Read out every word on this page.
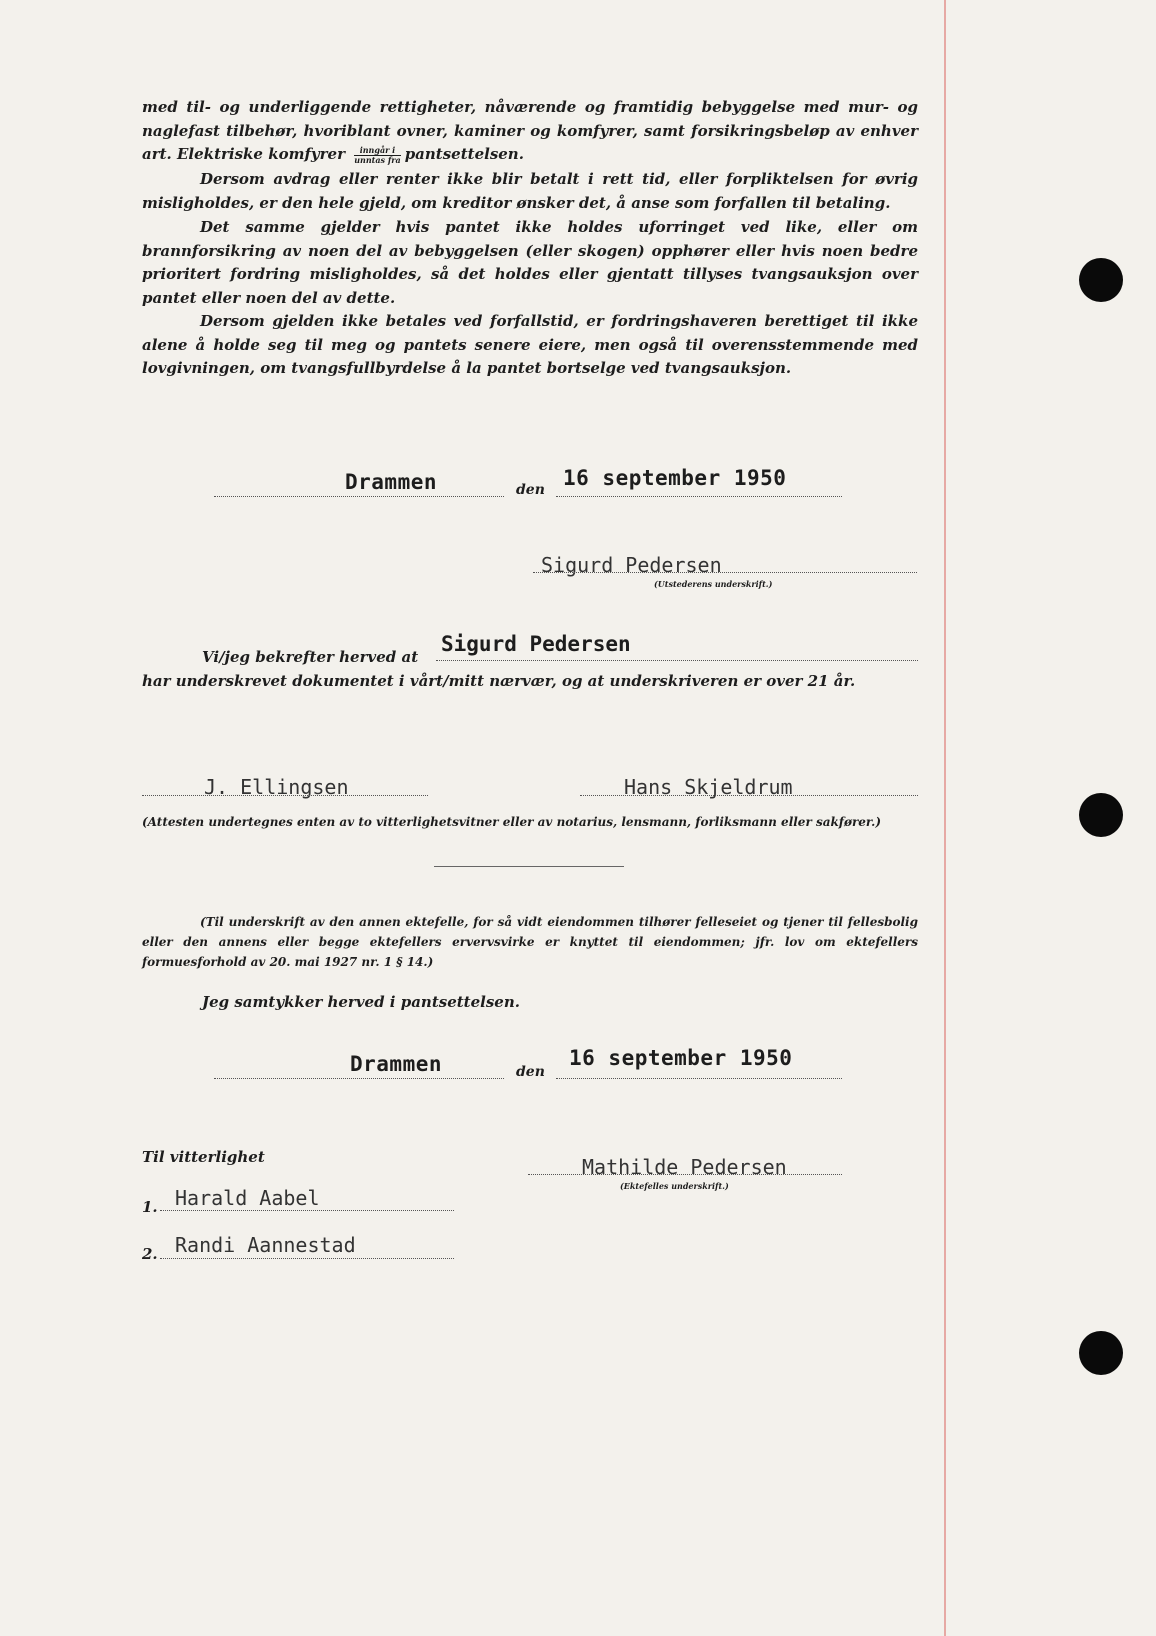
med til- og underliggende rettigheter, nåværende og framtidig bebyggelse med mur- og naglefast tilbehør, hvoriblant ovner, kaminer og komfyrer, samt forsikringsbeløp av enhver art. Elektriske komfyrer $\frac{\text{inngår i}}{\text{unntas fra}}$ pantsettelsen.

Dersom avdrag eller renter ikke blir betalt i rett tid, eller forpliktelsen for øvrig misligholdes, er den hele gjeld, om kreditor ønsker det, å anse som forfallen til betaling.

Det samme gjelder hvis pantet ikke holdes uforringet ved like, eller om brannforsikring av noen del av bebyggelsen (eller skogen) opphører eller hvis noen bedre prioritert fordring misligholdes, så det holdes eller gjentatt tillyses tvangsauksjon over pantet eller noen del av dette.

Dersom gjelden ikke betales ved forfallstid, er fordringshaveren berettiget til ikke alene å holde seg til meg og pantets senere eiere, men også til overensstemmende med lovgivningen, om tvangsfullbyrdelse å la pantet bortselge ved tvangsauksjon.

Drammen	den 16 september 1950
Sigurd Pedersen
(Utstederens underskrift.)
Vi/jeg bekrefter herved at
Sigurd Pedersen
har underskrevet dokumentet i vårt/mitt nærvær, og at underskriveren er over 21 år.
J. Ellingsen	Hans Skjeldrum
(Attesten undertegnes enten av to vitterlighetsvitner eller av notarius, lensmann, forliksmann eller sakfører.)

(Til underskrift av den annen ektefelle, for så vidt eiendommen tilhører felleseiet og tjener til fellesbolig eller den annens eller begge ektefellers ervervsvirke er knyttet til eiendommen; jfr. lov om ektefellers formuesforhold av 20. mai 1927 nr. 1 § 14.)

Jeg samtykker herved i pantsettelsen.
Drammen	den
16 september 1950
Til vitterlighet	Mathilde Pedersen
(Ektefelles underskrift.)
1. Harald Aabel
2. Randi Aannestad
